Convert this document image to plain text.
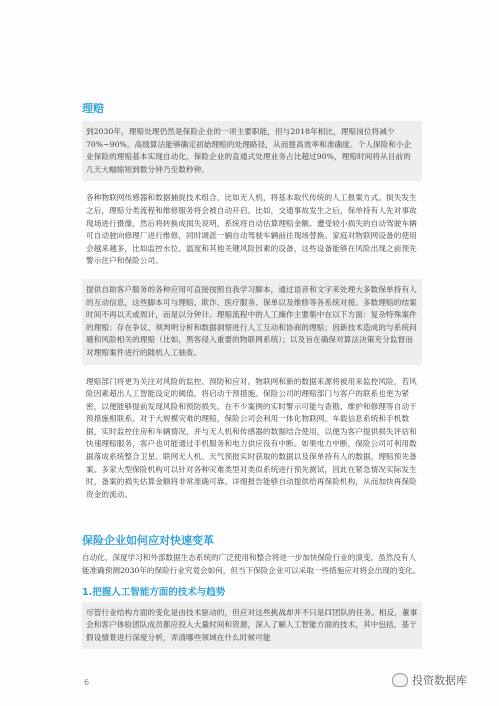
理赔

到2030年，理赔处理仍然是保险企业的一项主要职能，但与2018年相比，理赔岗位将减少70%~90%。高级算法能够确定初始理赔的处理路径，从而提高效率和准确度。个人保险和小企业保险的理赔基本实现自动化，保险企业的直通式处理业务占比超过90%，理赔时间将从目前的几天大幅缩短到数分钟乃至数秒钟。

各种物联网传感器和数据捕捉技术组合，比如无人机，将基本取代传统的人工报案方式。损失发生之后，理赔分类流程和维修服务将会被自动开启。比如，交通事故发生之后，保单持有人先对事故现场进行摄像，然后将转换成损失说明，系统将自动估算理赔金额。遭受较小损失的自动驾驶车辆可自动驶向修理厂进行维修，同时调派一辆自动驾驶车辆前往现场替换。家庭对物联网设备的使用会越来越多，比如监控水位、温度和其他关键风险因素的设备，这些设备能够在风险出现之前预先警示住户和保险公司。

提供自助客户服务的各种应用可直接按照自我学习脚本，通过语音和文字来处理大多数保单持有人的互动信息，这些脚本可与理赔、欺诈、医疗服务、保单以及维修等各系统对接。多数理赔的结案时间不再以天或周计，而是以分钟计。理赔流程中的人工操作主要集中在以下方面：复杂特殊案件的理赔；存在争议、须判明分析和数据洞察进行人工互动和协商的理赔；因新技术造成的与系统问题和风险相关的理赔（比如，黑客侵入重要的物联网系统）；以及旨在确保对算法决策充分监督而对理赔案件进行的随机人工抽查。

理赔部门将更为关注对风险的监控、预防和应对。物联网和新的数据来源将被用来监控风险，若风险因素超出人工智能设定的阈值，将启动干预措施。保险公司的理赔部门与客户的联系也更为紧密，以便能够提前发现风险和预防损失。在不少案例的实时警示可能与查勘、维护和修理等自动干预措施相联系。对于大规模灾难的理赔，保险公司会利用一体化物联网、车载信息系统和手机数据，实时监控住房和车辆情况，并与无人机和传感器的数据结合使用，以便为客户提供损失评估和快速理赔服务，客户也可能通过手机服务和电力供应没有中断。如果电力中断，保险公司可利用数据落成系统整合卫星、联网无人机、天气预报实时获取的数据以及保单持有人的数据，理赔预先备案。多家大型保险机构可以针对各种灾难类型对类似系统进行预先测试，因此在紧急情况实际发生时，备案的损失估算金额将非常准确可靠。详细报告能够自动提供给再保险机构，从而加快再保险资金的流动。

保险企业如何应对快速变革

自动化、深度学习和外部数据生态系统的广泛使用和整合将进一步加快保险行业的演变。虽然没有人能准确预测2030年的保险行业究竟会如何，但当下保险企业可以采取一些措施应对将会出现的变化。

1.把握人工智能方面的技术与趋势

尽管行业结构方面的变化是由技术驱动的，但应对这些挑战却并不只是IT团队的任务。相反，董事会和客户体验团队成员都应投入大量时间和资源，深入了解人工智能方面的技术，其中包括，基于假设情景进行深度分析，弄清哪些领域在什么时候可能

6	投资数据库
